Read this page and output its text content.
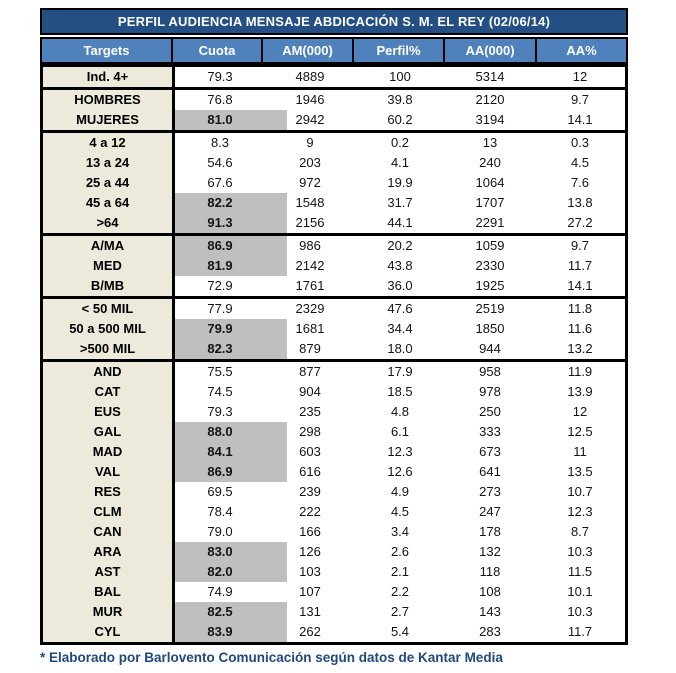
PERFIL AUDIENCIA MENSAJE ABDICACIÓN S. M. EL REY (02/06/14)
Targets	Cuota	AM(000)	Perfil%	AA(000)	AA%
Ind. 4+	79.3	4889	100	5314	12
HOMBRES	76.8	1946	39.8	2120	9.7
MUJERES	81.0	2942	60.2	3194	14.1
4 a 12	8.3	9	0.2	13	0.3
13 a 24	54.6	203	4.1	240	4.5
25 a 44	67.6	972	19.9	1064	7.6
45 a 64	82.2	1548	31.7	1707	13.8
>64	91.3	2156	44.1	2291	27.2
A/MA	86.9	986	20.2	1059	9.7
MED	81.9	2142	43.8	2330	11.7
B/MB	72.9	1761	36.0	1925	14.1
< 50 MIL	77.9	2329	47.6	2519	11.8
50 a 500 MIL	79.9	1681	34.4	1850	11.6
>500 MIL	82.3	879	18.0	944	13.2
AND	75.5	877	17.9	958	11.9
CAT	74.5	904	18.5	978	13.9
EUS	79.3	235	4.8	250	12
GAL	88.0	298	6.1	333	12.5
MAD	84.1	603	12.3	673	11
VAL	86.9	616	12.6	641	13.5
RES	69.5	239	4.9	273	10.7
CLM	78.4	222	4.5	247	12.3
CAN	79.0	166	3.4	178	8.7
ARA	83.0	126	2.6	132	10.3
AST	82.0	103	2.1	118	11.5
BAL	74.9	107	2.2	108	10.1
MUR	82.5	131	2.7	143	10.3
CYL	83.9	262	5.4	283	11.7
* Elaborado por Barlovento Comunicación según datos de Kantar Media
